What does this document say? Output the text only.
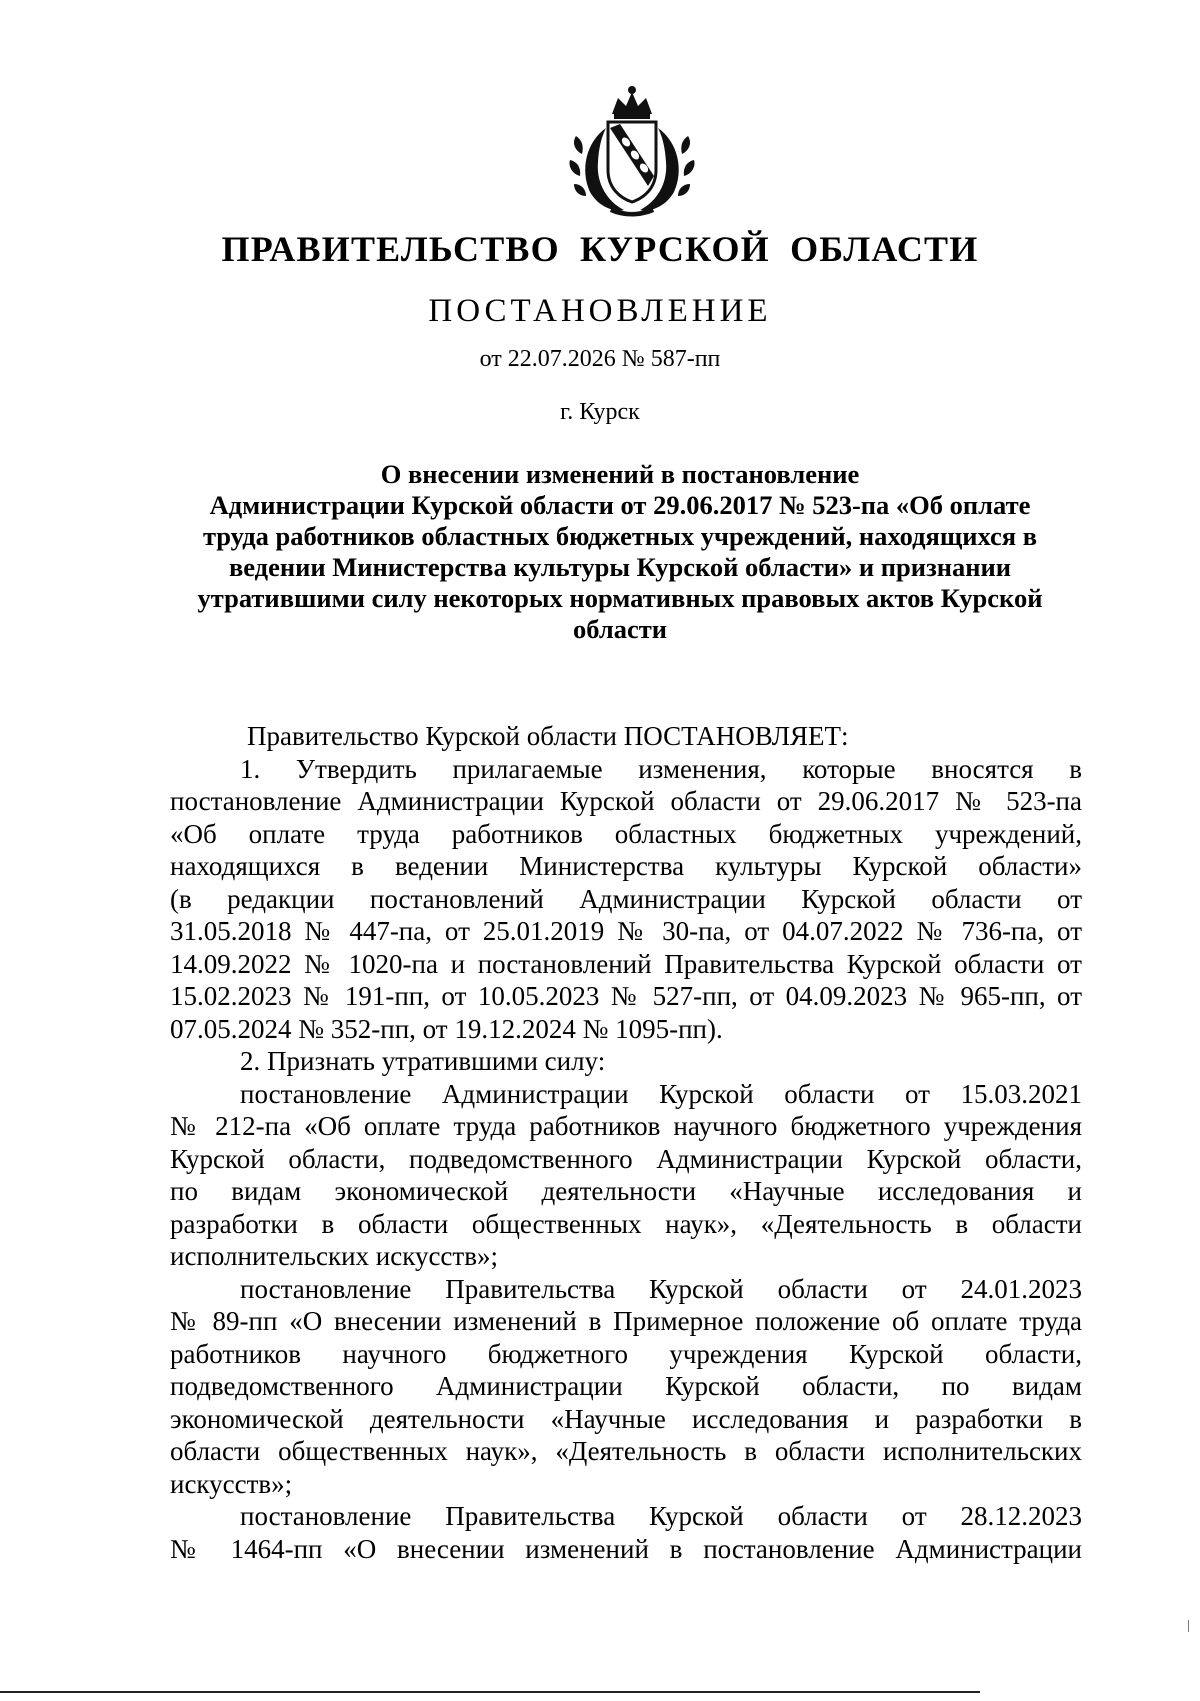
ПРАВИТЕЛЬСТВО КУРСКОЙ ОБЛАСТИ
ПОСТАНОВЛЕНИЕ
от 22.07.2026 № 587-пп
г. Курск
О внесении изменений в постановление
Администрации Курской области от 29.06.2017 № 523-па «Об оплате
труда работников областных бюджетных учреждений, находящихся в
ведении Министерства культуры Курской области» и признании
утратившими силу некоторых нормативных правовых актов Курской
области
Правительство Курской области ПОСТАНОВЛЯЕТ:
1. Утвердить прилагаемые изменения, которые вносятся в
постановление Администрации Курской области от 29.06.2017 № 523-па
«Об оплате труда работников областных бюджетных учреждений,
находящихся в ведении Министерства культуры Курской области»
(в редакции постановлений Администрации Курской области от
31.05.2018 № 447-па, от 25.01.2019 № 30-па, от 04.07.2022 № 736-па, от
14.09.2022 № 1020-па и постановлений Правительства Курской области от
15.02.2023 № 191-пп, от 10.05.2023 № 527-пп, от 04.09.2023 № 965-пп, от
07.05.2024 № 352-пп, от 19.12.2024 № 1095-пп).
2. Признать утратившими силу:
постановление Администрации Курской области от 15.03.2021
№ 212-па «Об оплате труда работников научного бюджетного учреждения
Курской области, подведомственного Администрации Курской области,
по видам экономической деятельности «Научные исследования и
разработки в области общественных наук», «Деятельность в области
исполнительских искусств»;
постановление Правительства Курской области от 24.01.2023
№ 89-пп «О внесении изменений в Примерное положение об оплате труда
работников научного бюджетного учреждения Курской области,
подведомственного Администрации Курской области, по видам
экономической деятельности «Научные исследования и разработки в
области общественных наук», «Деятельность в области исполнительских
искусств»;
постановление Правительства Курской области от 28.12.2023
№ 1464-пп «О внесении изменений в постановление Администрации
